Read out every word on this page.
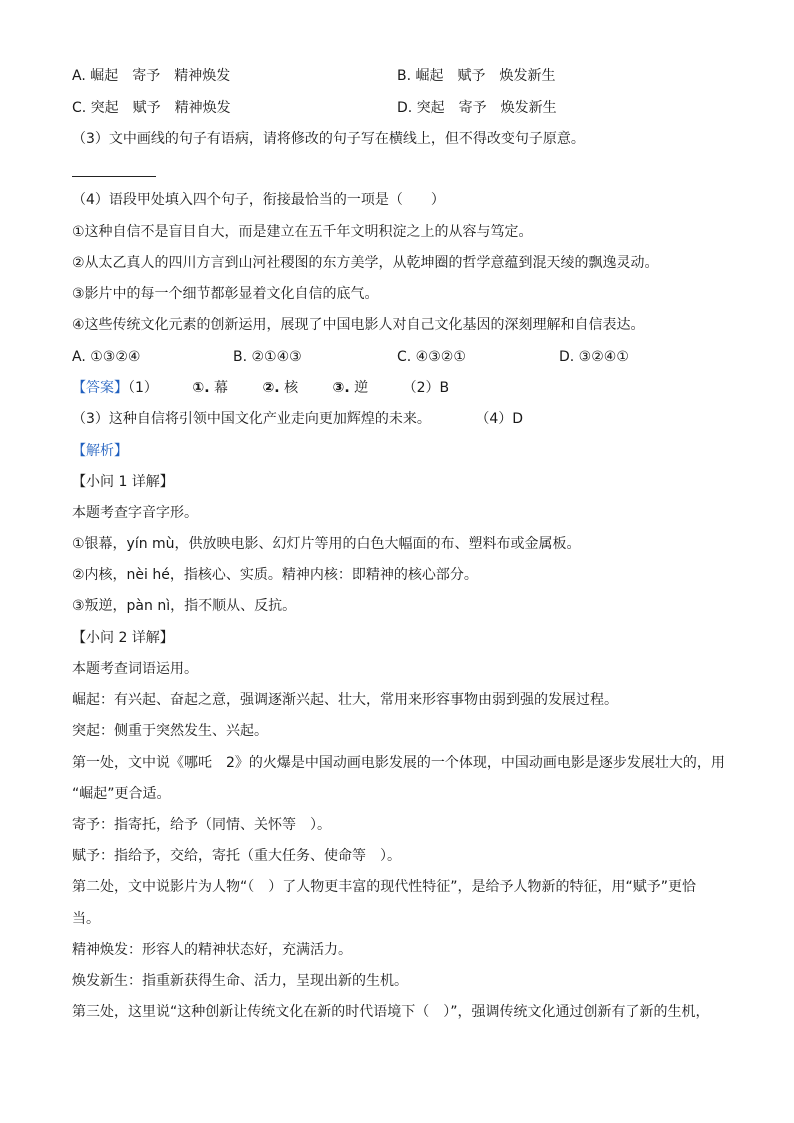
A. 崛起　寄予　精神焕发	B. 崛起　赋予　焕发新生
C. 突起　赋予　精神焕发	D. 突起　寄予　焕发新生
（3）文中画线的句子有语病，请将修改的句子写在横线上，但不得改变句子原意。
（4）语段甲处填入四个句子，衔接最恰当的一项是（　　）
①这种自信不是盲目自大，而是建立在五千年文明积淀之上的从容与笃定。
②从太乙真人的四川方言到山河社稷图的东方美学，从乾坤圈的哲学意蕴到混天绫的飘逸灵动。
③影片中的每一个细节都彰显着文化自信的底气。
④这些传统文化元素的创新运用，展现了中国电影人对自己文化基因的深刻理解和自信表达。
A. ①③②④	B. ②①④③	C. ④③②①	D. ③②④①
【答案】（1） ①. 幕 ②. 核 ③. 逆 （2）B
（3）这种自信将引领中国文化产业走向更加辉煌的未来。	（4）D
【解析】
【小问 1 详解】
本题考查字音字形。
①银幕，yín mù，供放映电影、幻灯片等用的白色大幅面的布、塑料布或金属板。
②内核，nèi hé，指核心、实质。精神内核：即精神的核心部分。
③叛逆，pàn nì，指不顺从、反抗。
【小问 2 详解】
本题考查词语运用。
崛起：有兴起、奋起之意，强调逐渐兴起、壮大，常用来形容事物由弱到强的发展过程。
突起：侧重于突然发生、兴起。
第一处，文中说《哪吒　2》的火爆是中国动画电影发展的一个体现，中国动画电影是逐步发展壮大的，用
“崛起”更合适。
寄予：指寄托，给予（同情、关怀等　）。
赋予：指给予，交给，寄托（重大任务、使命等　）。
第二处，文中说影片为人物“（　）了人物更丰富的现代性特征”，是给予人物新的特征，用“赋予”更恰
当。
精神焕发：形容人的精神状态好，充满活力。
焕发新生：指重新获得生命、活力，呈现出新的生机。
第三处，这里说“这种创新让传统文化在新的时代语境下（　）”，强调传统文化通过创新有了新的生机，
